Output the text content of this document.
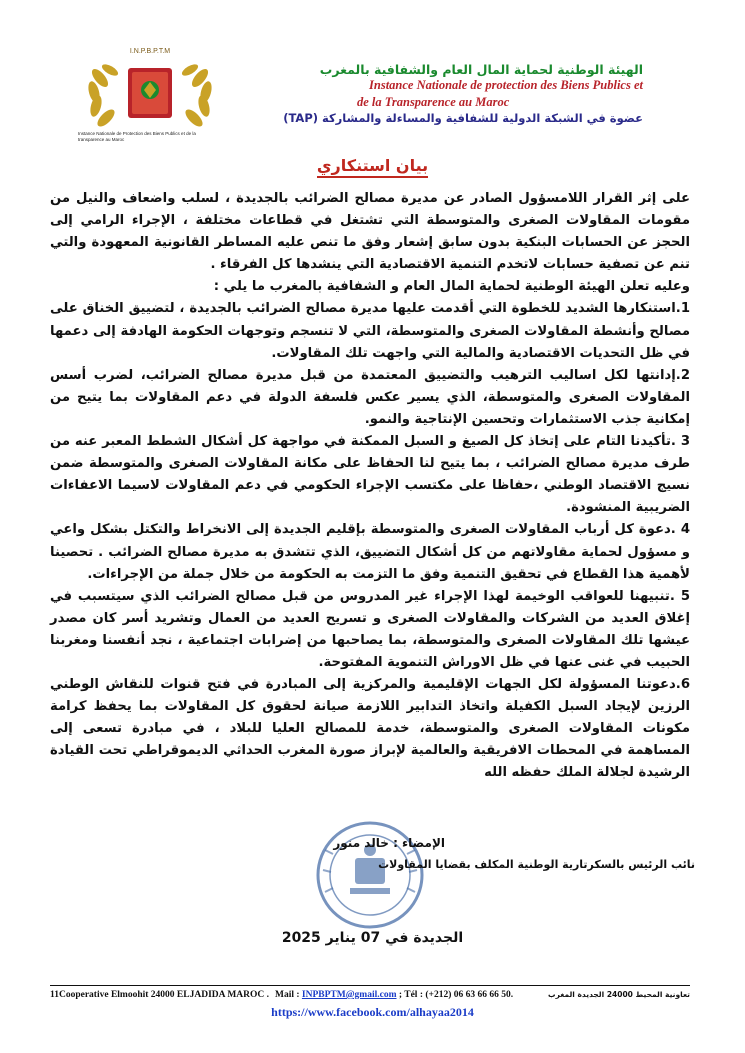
I.N.P.B.P.T.M
Instance Nationale de Protection des Biens Publics et de la transparence au Maroc
الهيئة الوطنية لحماية المال العام والشفافية بالمغرب
Instance Nationale de protection des Biens Publics et
de la Transparence au Maroc
عضوة في الشبكة الدولية للشفافية والمساءلة والمشاركة (TAP)
بيان استنكاري

على إثر القرار اللامسؤول الصادر عن مديرة مصالح الضرائب بالجديدة ، لسلب واضعاف والنيل من مقومات المقاولات الصغرى والمتوسطة التي تشتغل في قطاعات مختلفة ، الإجراء الرامي إلى الحجز عن الحسابات البنكية بدون سابق إشعار وفق ما تنص عليه المساطر القانونية المعهودة والتي تنم عن تصفية حسابات لاتخدم التنمية الاقتصادية التي ينشدها كل الفرقاء .

وعليه تعلن الهيئة الوطنية لحماية المال العام و الشفافية بالمغرب ما يلي :

1.استنكارها الشديد للخطوة التي أقدمت عليها مديرة مصالح الضرائب بالجديدة ، لتضييق الخناق على مصالح وأنشطة المقاولات الصغرى والمتوسطة، التي لا تنسجم وتوجهات الحكومة الهادفة إلى دعمها في ظل التحديات الاقتصادية والمالية التي واجهت تلك المقاولات.

2.إدانتها لكل اساليب الترهيب والتضييق المعتمدة من قبل مديرة مصالح الضرائب، لضرب أسس المقاولات الصغرى والمتوسطة، الذي يسير عكس فلسفة الدولة في دعم المقاولات بما يتيح من إمكانية جذب الاستثمارات وتحسين الإنتاجية والنمو.

3 .تأكيدنا التام على إتخاذ كل الصيغ و السبل الممكنة في مواجهة كل أشكال الشطط المعبر عنه من طرف مديرة مصالح الضرائب ، بما يتيح لنا الحفاظ على مكانة المقاولات الصغرى والمتوسطة ضمن نسيج الاقتصاد الوطني ،حفاظا على مكتسب الإجراء الحكومي في دعم المقاولات لاسيما الاعفاءات الضريبية المنشودة.

4 .دعوة كل أرباب المقاولات الصغرى والمتوسطة بإقليم الجديدة إلى الانخراط والتكتل بشكل واعي و مسؤول لحماية مقاولاتهم من كل أشكال التضييق، الذي تتشدق به مديرة مصالح الضرائب . تحصينا لأهمية هذا القطاع في تحقيق التنمية وفق ما التزمت به الحكومة من خلال جملة من الإجراءات.

5 .تنبيهنا للعواقب الوخيمة لهذا الإجراء غير المدروس من قبل مصالح الضرائب الذي سيتسبب في إغلاق العديد من الشركات والمقاولات الصغرى و تسريح العديد من العمال وتشريد أسر كان مصدر عيشها تلك المقاولات الصغرى والمتوسطة، بما يصاحبها من إضرابات اجتماعية ، نجد أنفسنا ومغربنا الحبيب في غنى عنها في ظل الاوراش التنموية المفتوحة.

6.دعوتنا المسؤولة لكل الجهات الإقليمية والمركزية إلى المبادرة في فتح قنوات للنقاش الوطني الرزين لإيجاد السبل الكفيلة واتخاذ التدابير اللازمة صيانة لحقوق كل المقاولات بما يحفظ كرامة مكونات المقاولات الصغرى والمتوسطة، خدمة للمصالح العليا للبلاد ، في مبادرة تسعى إلى المساهمة في المحطات الافريقية والعالمية لإبراز صورة المغرب الحداثي الديموقراطي تحت القيادة الرشيدة لجلالة الملك حفظه الله

الإمضاء : خالد منور
نائب الرئيس بالسكرتارية الوطنية المكلف بقضايا المقاولات
الجديدة في 07 يناير 2025
11Cooperative Elmoohit 24000 ELJADIDA MAROC . Mail : INPBPTM@gmail.com ; Tél : (+212) 06 63 66 66 50.	تعاونية المحيط 24000 الجديدة المغرب
https://www.facebook.com/alhayaa2014
